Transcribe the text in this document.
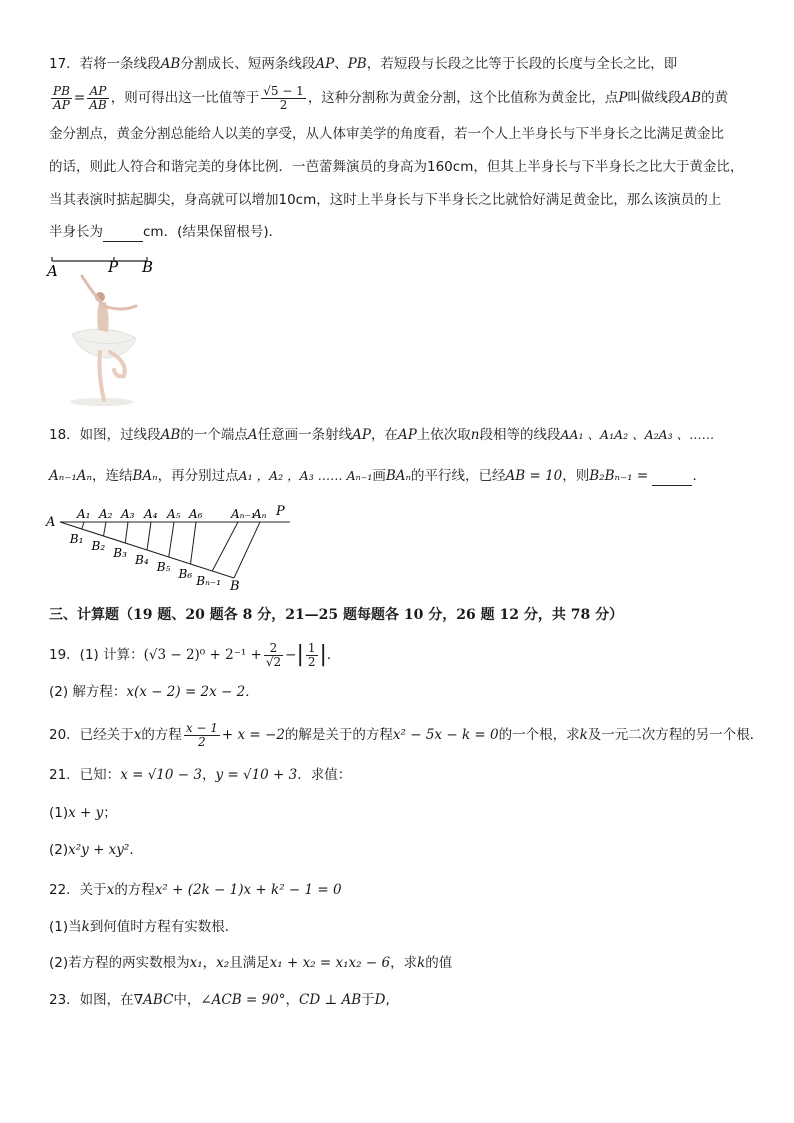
17．若将一条线段AB分割成长、短两条线段AP、PB，若短段与长段之比等于长段的长度与全长之比，即
$\frac{PB}{AP} = \frac{AP}{AB}$ ，则可得出这一比值等于 $\frac{√5 - 1}{2}$ ，这种分割称为黄金分割，这个比值称为黄金比，点P叫做线段AB的黄
金分割点，黄金分割总能给人以美的享受，从人体审美学的角度看，若一个人上半身长与下半身长之比满足黄金比
的话，则此人符合和谐完美的身体比例．一芭蕾舞演员的身高为160cm，但其上半身长与下半身长之比大于黄金比，
当其表演时掂起脚尖，身高就可以增加10cm，这时上半身长与下半身长之比就恰好满足黄金比，那么该演员的上
半身长为	cm．(结果保留根号)．
A	P B
18．如图，过线段AB的一个端点A任意画一条射线AP，在AP上依次取n段相等的线段AA₁ 、A₁A₂ 、A₂A₃ 、……
Aₙ₋₁Aₙ，连结BAₙ，再分别过点A₁ ，A₂ ，A₃ …… Aₙ₋₁画BAₙ的平行线，已经AB = 10，则B₂Bₙ₋₁ =	．
A₁
B₁
A₂
B₂
A₃
B₃
A₄
B₄
A₅
B₅
A₆
B₆
Aₙ₋₁
Bₙ₋₁
Aₙ
A
P
B
三、计算题（19 题、20 题各 8 分，21—25 题每题各 10 分，26 题 12 分，共 78 分）
19．(1) 计算：$(√3 - 2)^0 + 2^{-1} + \frac{2}{√2}$ −| $\frac{1}{2}$ |．
(2) 解方程：x(x − 2) = 2x − 2．
20．已经关于x的方程 $\frac{x - 1}{2} + x = -2$的解是关于的方程x² − 5x − k = 0的一个根，求k及一元二次方程的另一个根．
21．已知：x = √10 − 3，y = √10 + 3．求值：
(1)x + y；
(2)x²y + xy²．
22．关于x的方程x² + (2k − 1)x + k² − 1 = 0
(1)当k到何值时方程有实数根．
(2)若方程的两实数根为x₁，x₂且满足x₁ + x₂ = x₁x₂ − 6，求k的值
23．如图，在∇ABC中，∠ACB = 90°，CD ⊥ AB于D,
